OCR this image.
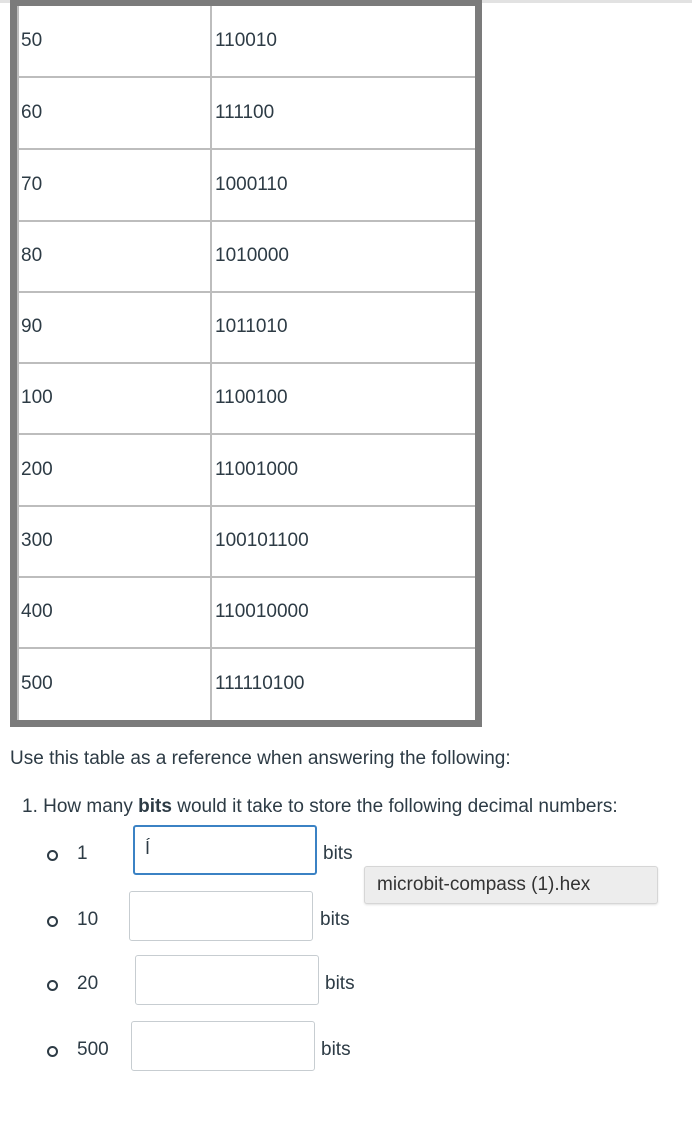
50	110010
60	111100
70	1000110
80	1010000
90	1011010
100	1100100
200	11001000
300	100101100
400	110010000
500	111110100
Use this table as a reference when answering the following:
1. How many bits would it take to store the following decimal numbers:
1	Í	bits
10	bits
20	bits
500	bits
microbit-compass (1).hex
